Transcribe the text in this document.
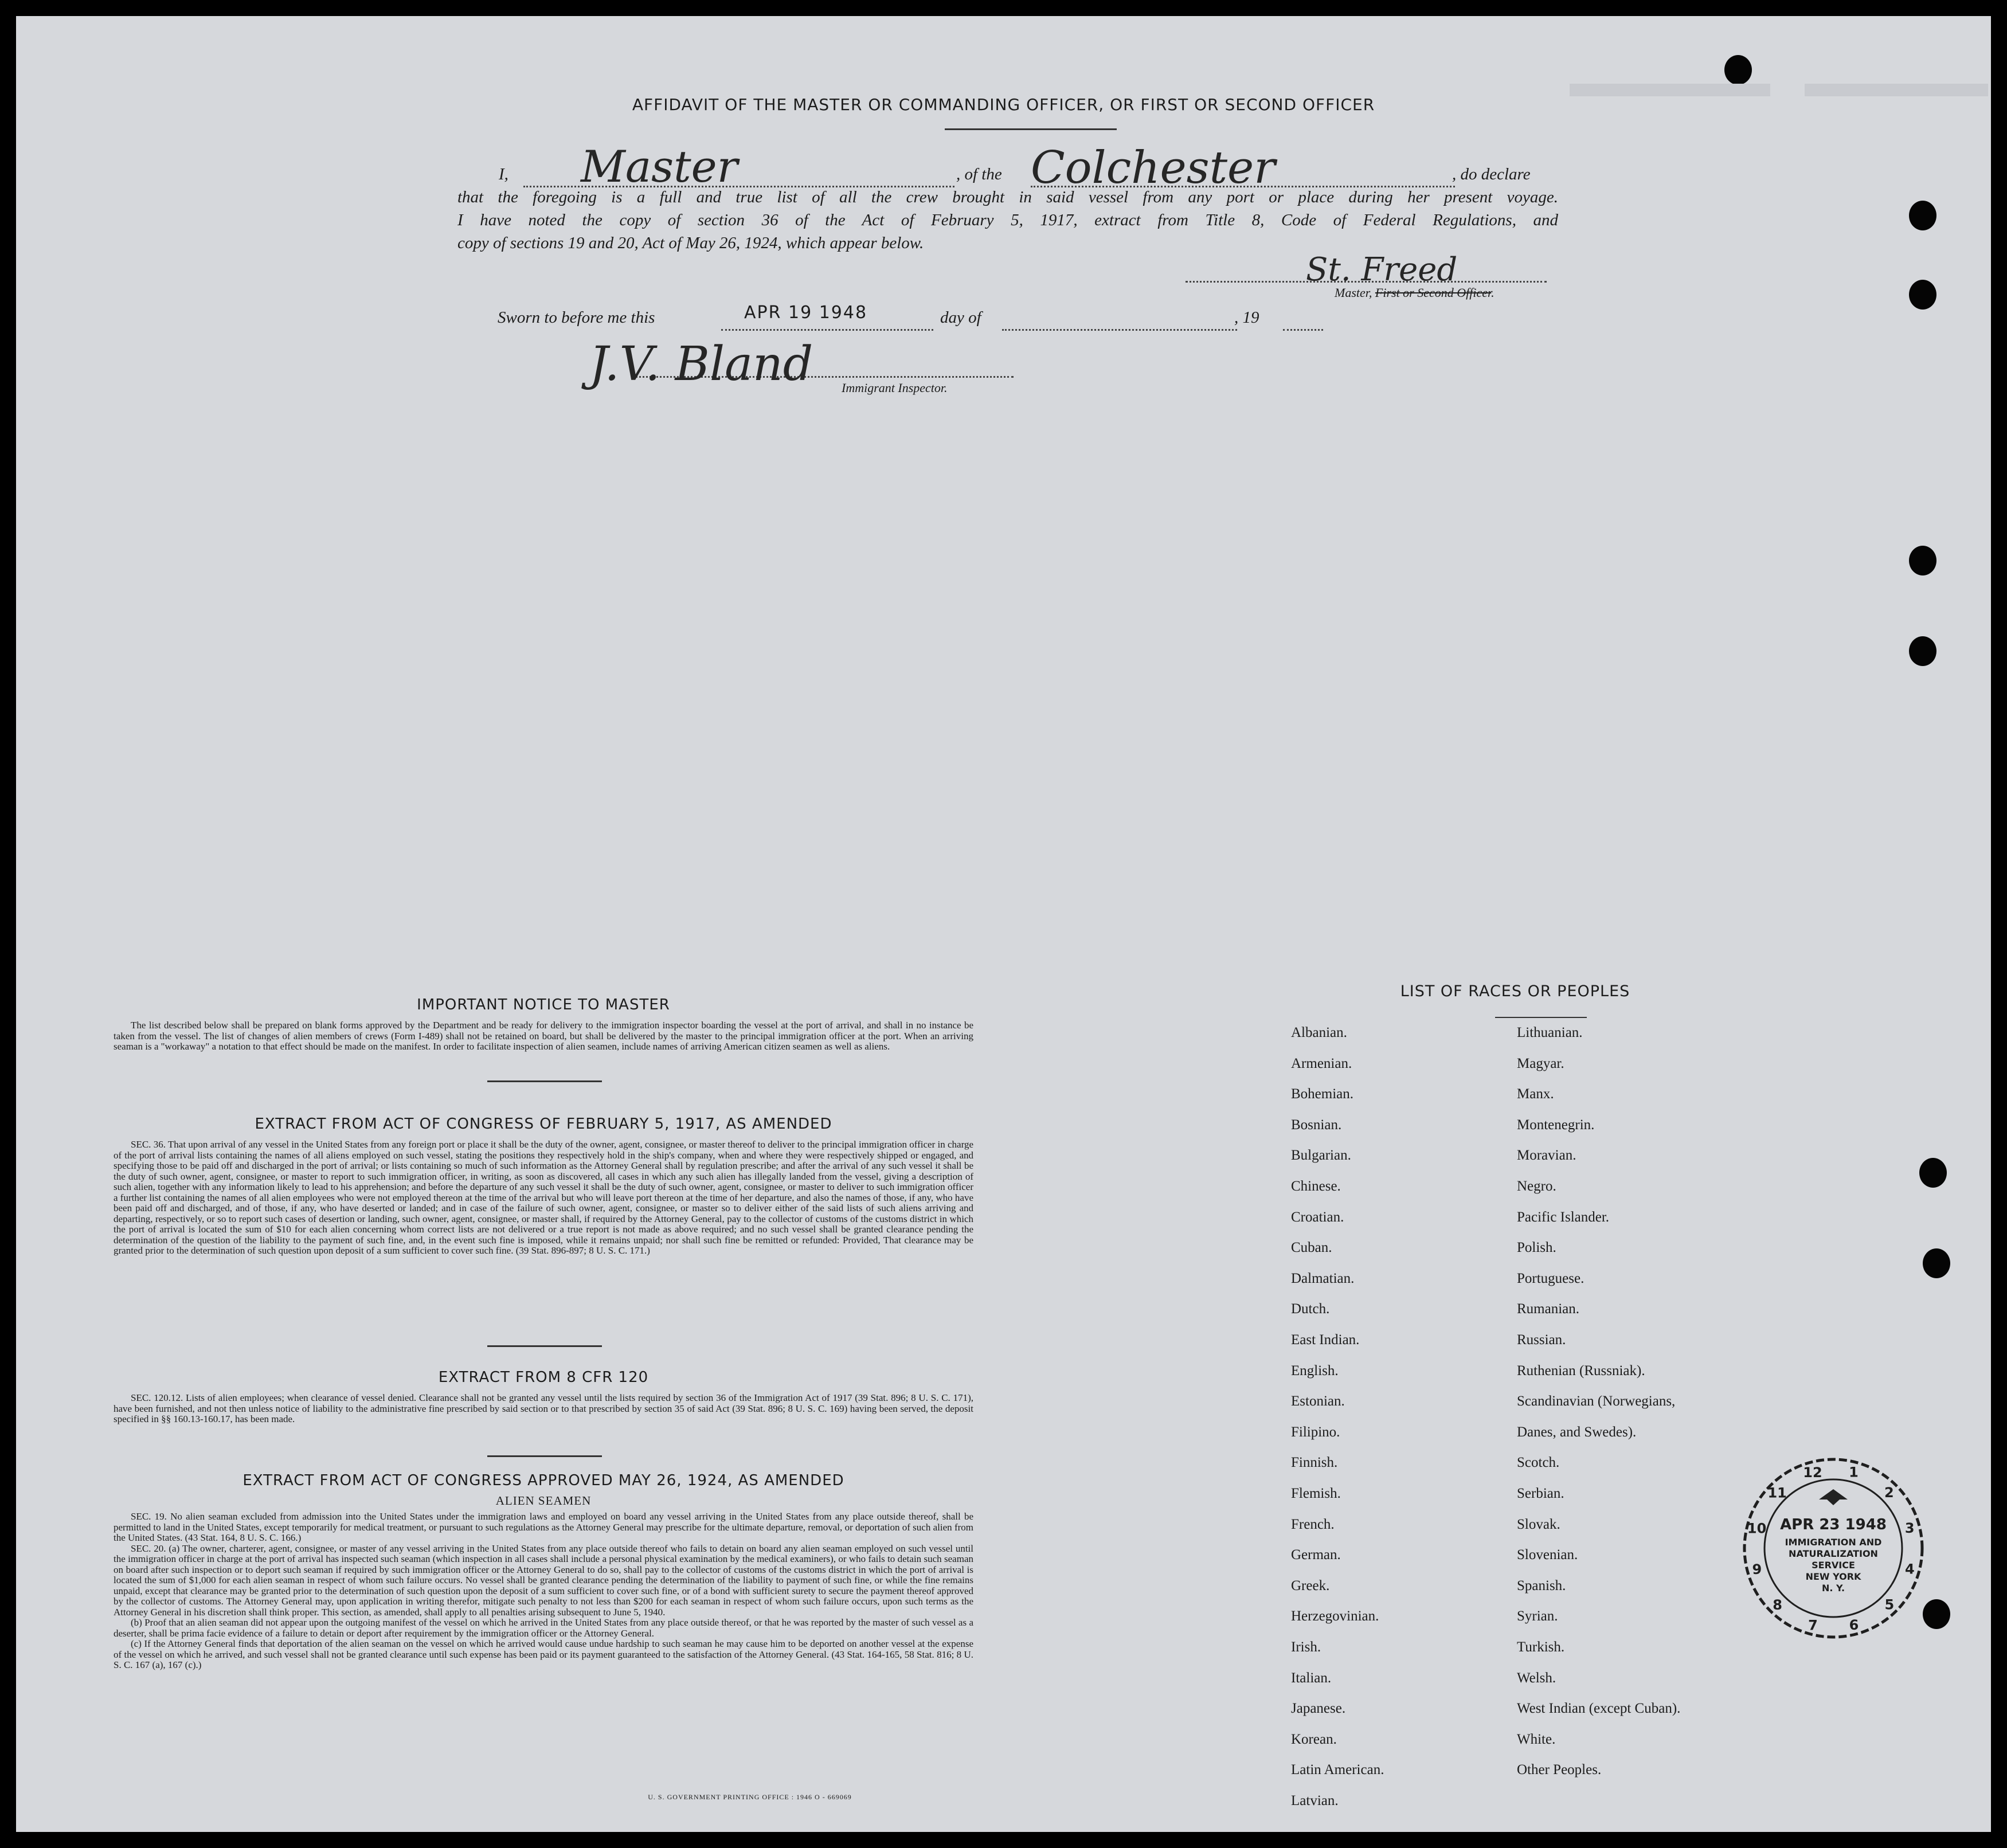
AFFIDAVIT OF THE MASTER OR COMMANDING OFFICER, OR FIRST OR SECOND OFFICER
I, Master	, of the Colchester	, do declare
that the foregoing is a full and true list of all the crew brought in said vessel from any port or place during her present voyage.
I have noted the copy of section 36 of the Act of February 5, 1917, extract from Title 8, Code of Federal Regulations, and
copy of sections 19 and 20, Act of May 26, 1924, which appear below.
St. Freed
Master, First or Second Officer.
Sworn to before me this	APR 19 1948	day of	, 19
J.V. Bland Immigrant Inspector.
IMPORTANT NOTICE TO MASTER

The list described below shall be prepared on blank forms approved by the Department and be ready for delivery to the immigration inspector boarding the vessel at the port of arrival, and shall in no instance be taken from the vessel. The list of changes of alien members of crews (Form I-489) shall not be retained on board, but shall be delivered by the master to the principal immigration officer at the port. When an arriving seaman is a "workaway" a notation to that effect should be made on the manifest. In order to facilitate inspection of alien seamen, include names of arriving American citizen seamen as well as aliens.

EXTRACT FROM ACT OF CONGRESS OF FEBRUARY 5, 1917, AS AMENDED

SEC. 36. That upon arrival of any vessel in the United States from any foreign port or place it shall be the duty of the owner, agent, consignee, or master thereof to deliver to the principal immigration officer in charge of the port of arrival lists containing the names of all aliens employed on such vessel, stating the positions they respectively hold in the ship's company, when and where they were respectively shipped or engaged, and specifying those to be paid off and discharged in the port of arrival; or lists containing so much of such information as the Attorney General shall by regulation prescribe; and after the arrival of any such vessel it shall be the duty of such owner, agent, consignee, or master to report to such immigration officer, in writing, as soon as discovered, all cases in which any such alien has illegally landed from the vessel, giving a description of such alien, together with any information likely to lead to his apprehension; and before the departure of any such vessel it shall be the duty of such owner, agent, consignee, or master to deliver to such immigration officer a further list containing the names of all alien employees who were not employed thereon at the time of the arrival but who will leave port thereon at the time of her departure, and also the names of those, if any, who have been paid off and discharged, and of those, if any, who have deserted or landed; and in case of the failure of such owner, agent, consignee, or master so to deliver either of the said lists of such aliens arriving and departing, respectively, or so to report such cases of desertion or landing, such owner, agent, consignee, or master shall, if required by the Attorney General, pay to the collector of customs of the customs district in which the port of arrival is located the sum of $10 for each alien concerning whom correct lists are not delivered or a true report is not made as above required; and no such vessel shall be granted clearance pending the determination of the question of the liability to the payment of such fine, and, in the event such fine is imposed, while it remains unpaid; nor shall such fine be remitted or refunded: Provided, That clearance may be granted prior to the determination of such question upon deposit of a sum sufficient to cover such fine. (39 Stat. 896-897; 8 U. S. C. 171.)

EXTRACT FROM 8 CFR 120

SEC. 120.12. Lists of alien employees; when clearance of vessel denied. Clearance shall not be granted any vessel until the lists required by section 36 of the Immigration Act of 1917 (39 Stat. 896; 8 U. S. C. 171), have been furnished, and not then unless notice of liability to the administrative fine prescribed by said section or to that prescribed by section 35 of said Act (39 Stat. 896; 8 U. S. C. 169) having been served, the deposit specified in §§ 160.13-160.17, has been made.

EXTRACT FROM ACT OF CONGRESS APPROVED MAY 26, 1924, AS AMENDED
ALIEN SEAMEN

SEC. 19. No alien seaman excluded from admission into the United States under the immigration laws and employed on board any vessel arriving in the United States from any place outside thereof, shall be permitted to land in the United States, except temporarily for medical treatment, or pursuant to such regulations as the Attorney General may prescribe for the ultimate departure, removal, or deportation of such alien from the United States. (43 Stat. 164, 8 U. S. C. 166.)

SEC. 20. (a) The owner, charterer, agent, consignee, or master of any vessel arriving in the United States from any place outside thereof who fails to detain on board any alien seaman employed on such vessel until the immigration officer in charge at the port of arrival has inspected such seaman (which inspection in all cases shall include a personal physical examination by the medical examiners), or who fails to detain such seaman on board after such inspection or to deport such seaman if required by such immigration officer or the Attorney General to do so, shall pay to the collector of customs of the customs district in which the port of arrival is located the sum of $1,000 for each alien seaman in respect of whom such failure occurs. No vessel shall be granted clearance pending the determination of the liability to payment of such fine, or while the fine remains unpaid, except that clearance may be granted prior to the determination of such question upon the deposit of a sum sufficient to cover such fine, or of a bond with sufficient surety to secure the payment thereof approved by the collector of customs. The Attorney General may, upon application in writing therefor, mitigate such penalty to not less than $200 for each seaman in respect of whom such failure occurs, upon such terms as the Attorney General in his discretion shall think proper. This section, as amended, shall apply to all penalties arising subsequent to June 5, 1940.

(b) Proof that an alien seaman did not appear upon the outgoing manifest of the vessel on which he arrived in the United States from any place outside thereof, or that he was reported by the master of such vessel as a deserter, shall be prima facie evidence of a failure to detain or deport after requirement by the immigration officer or the Attorney General.

(c) If the Attorney General finds that deportation of the alien seaman on the vessel on which he arrived would cause undue hardship to such seaman he may cause him to be deported on another vessel at the expense of the vessel on which he arrived, and such vessel shall not be granted clearance until such expense has been paid or its payment guaranteed to the satisfaction of the Attorney General. (43 Stat. 164-165, 58 Stat. 816; 8 U. S. C. 167 (a), 167 (c).)

U. S. GOVERNMENT PRINTING OFFICE : 1946 O - 669069
LIST OF RACES OR PEOPLES
Albanian.
Armenian.
Bohemian.
Bosnian.
Bulgarian.
Chinese.
Croatian.
Cuban.
Dalmatian.
Dutch.
East Indian.
English.
Estonian.
Filipino.
Finnish.
Flemish.
French.
German.
Greek.
Herzegovinian.
Irish.
Italian.
Japanese.
Korean.
Latin American.
Latvian.
Lithuanian.
Magyar.
Manx.
Montenegrin.
Moravian.
Negro.
Pacific Islander.
Polish.
Portuguese.
Rumanian.
Russian.
Ruthenian (Russniak).
Scandinavian (Norwegians,
Danes, and Swedes).
Scotch.
Serbian.
Slovak.
Slovenian.
Spanish.
Syrian.
Turkish.
Welsh.
West Indian (except Cuban).
White.
Other Peoples.
1
2
3
4
5
6
7
8
9
10
11
12
APR 23 1948
IMMIGRATION AND
NATURALIZATION
SERVICE
NEW YORK
N. Y.
